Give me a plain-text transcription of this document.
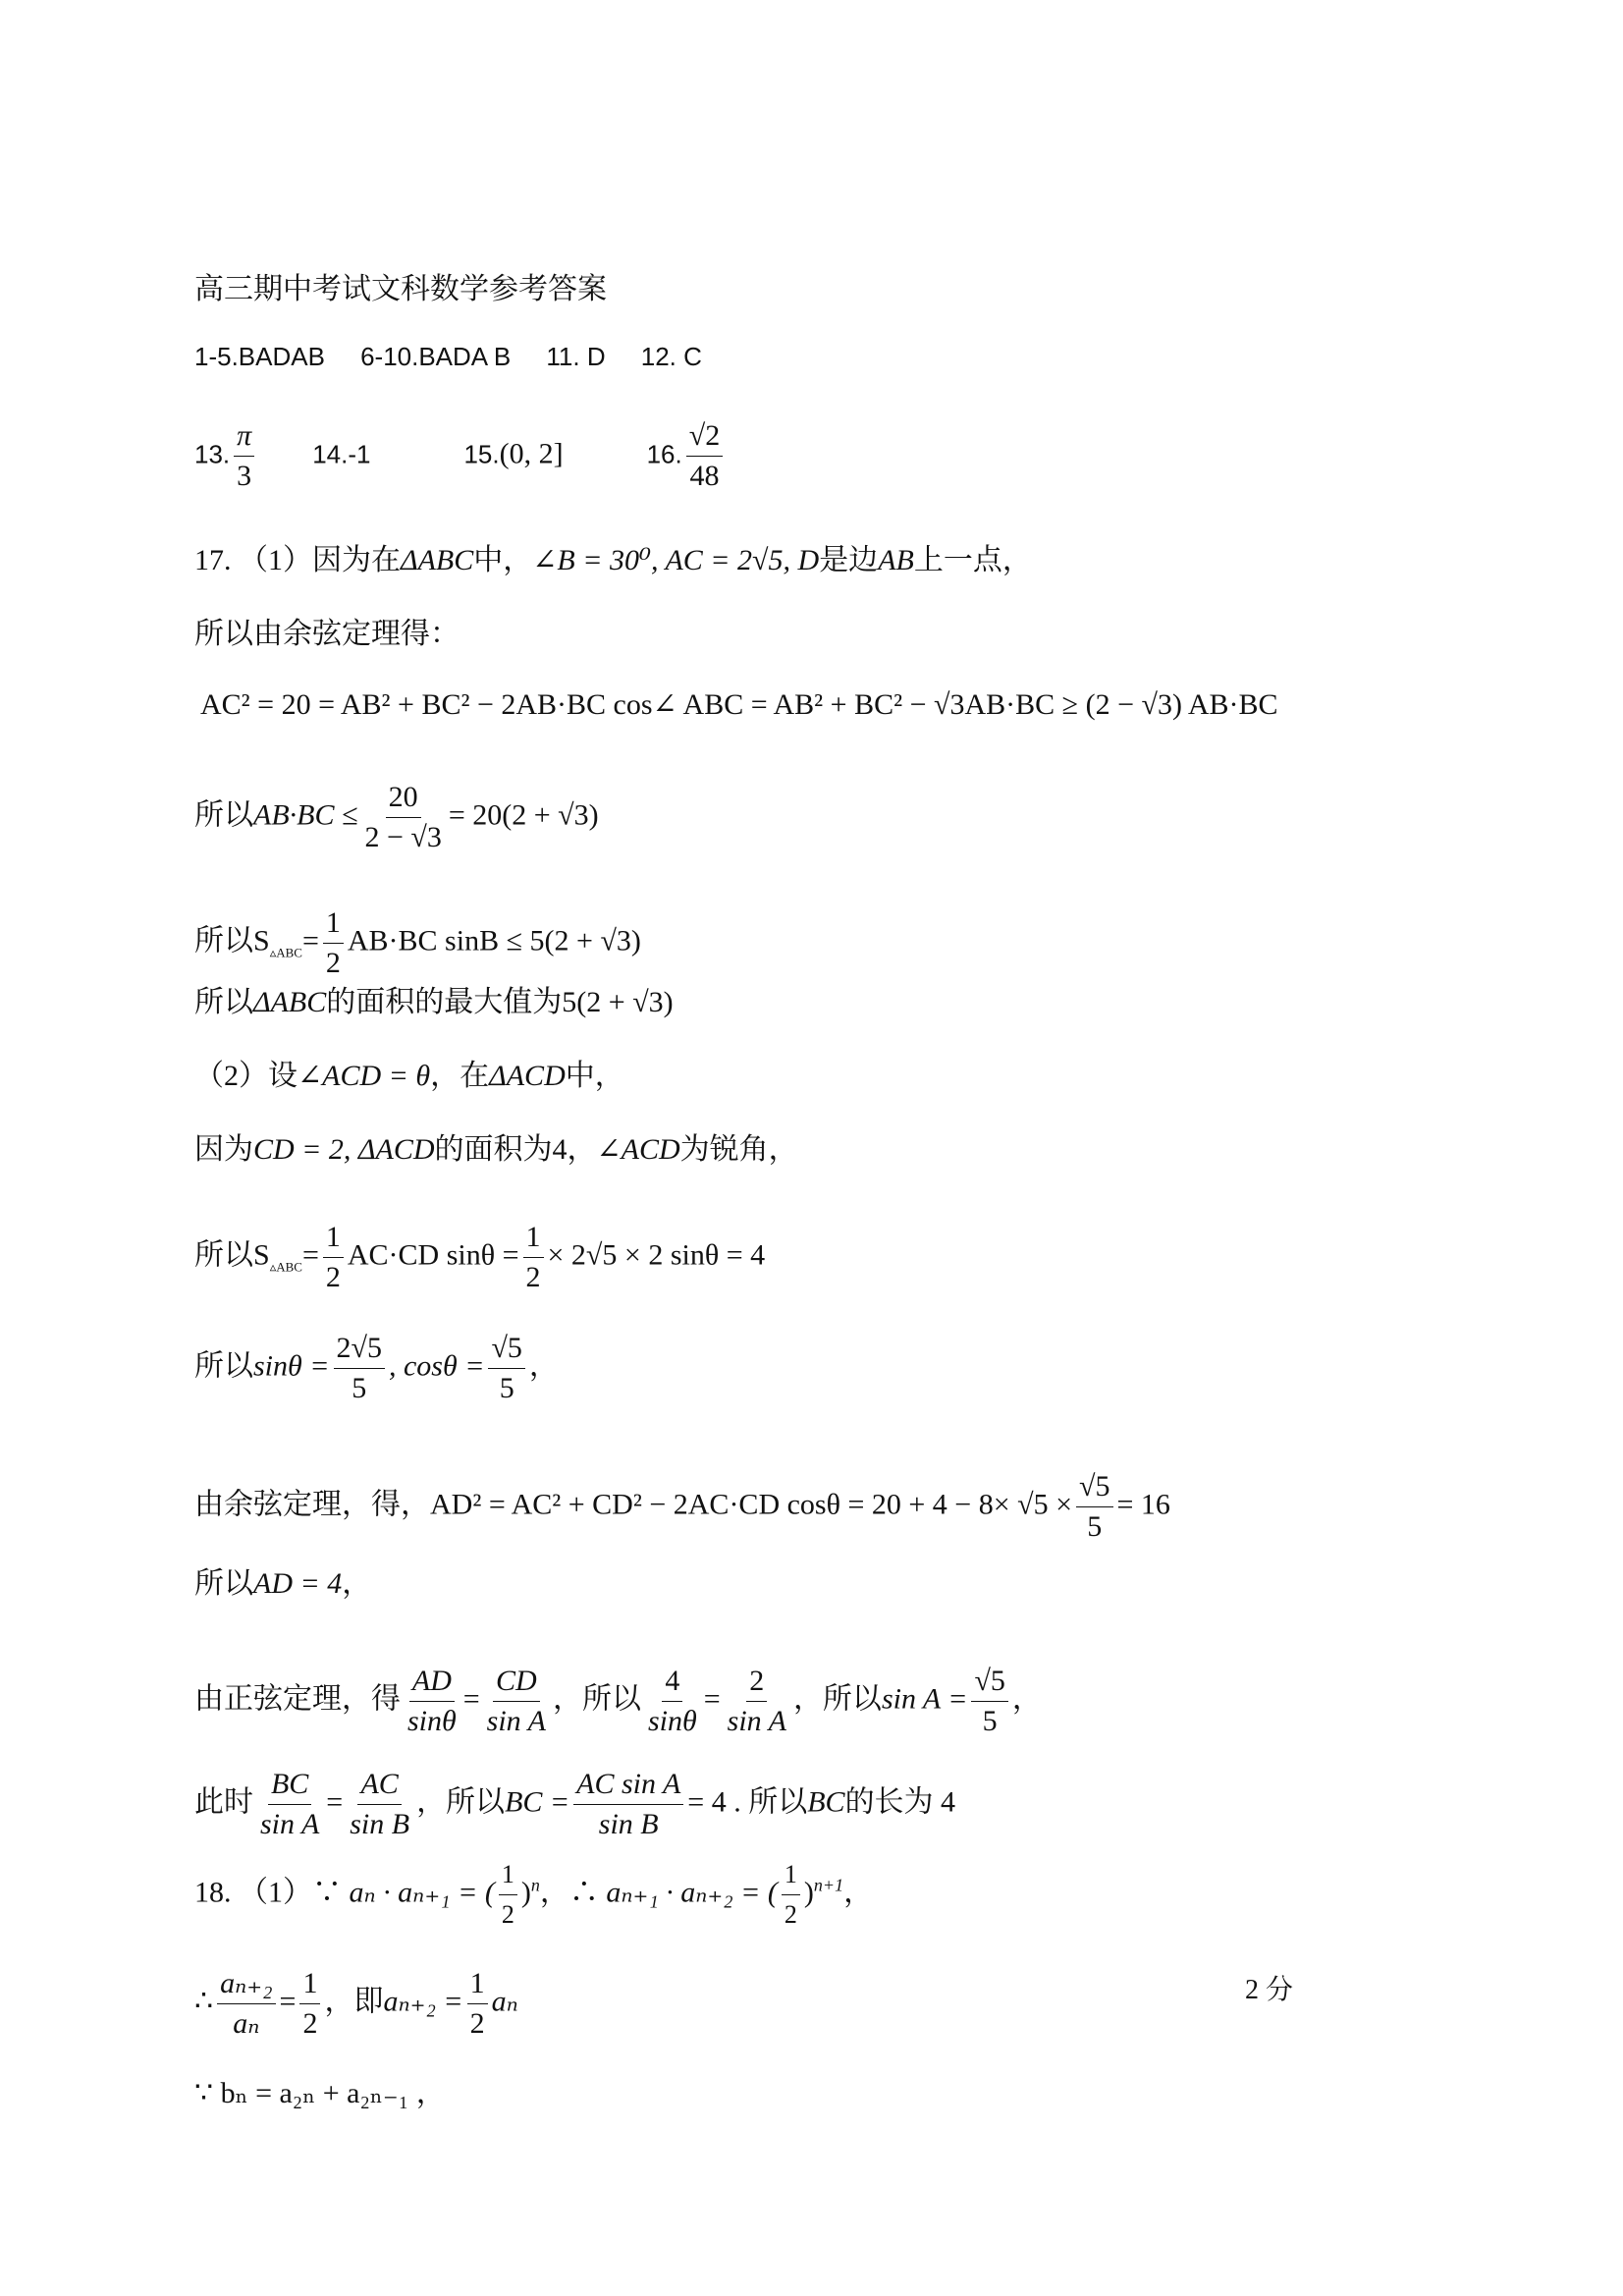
高三期中考试文科数学参考答案
1-5.BADAB 6-10.BADA B 11. D 12. C
13. $\frac{\pi}{3} 14.-1$	15.(0, 2]	16. $\frac{√2}{48}$
17. （1）因为在ΔABC中，∠B = 30⁰, AC = 2√5, D是边AB上一点，
所以由余弦定理得：
AC² = 20 = AB² + BC² − 2AB·BC cos∠ ABC = AB² + BC² − √3AB·BC ≥ (2 − √3) AB·BC
所以$AB\cdot BC \le \frac{20}{2 - √3} = 20(2 + √3)$
所以$S_{▵ABC}= \frac{1}{2} AB\cdot BC$ sinB ≤ 5(2 + √3)
所以ΔABC的面积的最大值为5(2 + √3)
（2）设∠ACD = θ，在ΔACD中，
因为CD = 2, ΔACD的面积为4，∠ACD为锐角，
所以$S_{▵ABC}= \frac{1}{2} AC\cdot CD$ $\sin\theta = \frac{1}{2} \times 2√5 \times 2$ sinθ = 4
所以$\sin\theta = \frac{2√5}{5}$ , $\cos\theta = \frac{√5}{5}$ ，
由余弦定理，得，AD² = AC² + CD² − 2AC·CD $\cos\theta = 20 + 4 - 8\times √5 \times \frac{√5}{5} = 16$
所以AD = 4，
由正弦定理，得 $\frac{AD}{\sin\theta} = \frac{CD}{\text{sin A}}$ ，所以 $\frac{4}{\sin\theta} = \frac{2}{\text{sin A}}$ ，所以$\sin A = \frac{√5}{5}$ ，
此时 $\frac{BC}{\text{sin A}} = \frac{AC}{\text{sin B}}$ ，所以BC = $\frac{\text{AC sin A}}{\text{sin B}} = 4$ . 所以BC的长为 4
18. （1）∵ aₙ · aₙ₊₁ = ( $\frac{1}{2} )^n$，∴ aₙ₊₁ · aₙ₊₂ = ( $\frac{1}{2} )^{n+1}$，
∴ $\frac{\text{aₙ₊₂}}{\text{aₙ}} = \frac{1}{2}$ ，即$a_{n+2} = \frac{1}{2}$ aₙ	2 分
∵ bₙ = a₂ₙ + a₂ₙ₋₁ ，
